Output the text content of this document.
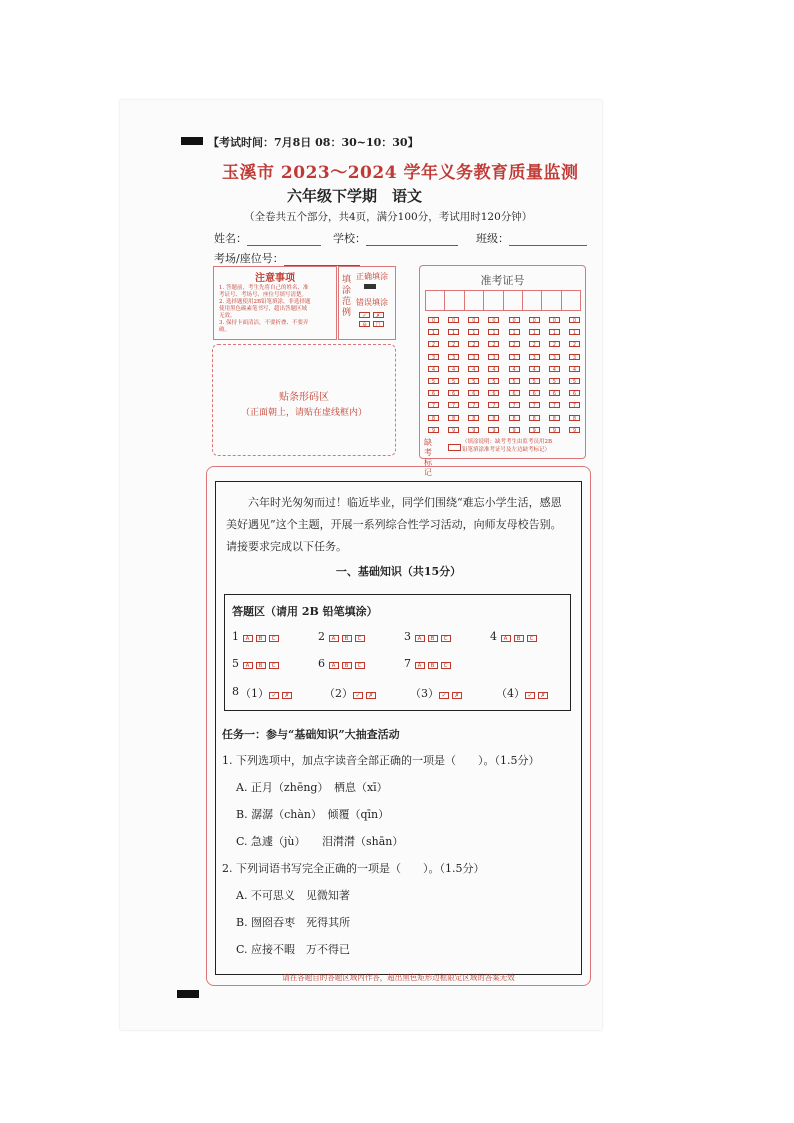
【考试时间：7月8日 08：30~10：30】
玉溪市 2023～2024 学年义务教育质量监测
六年级下学期　语文
（全卷共五个部分，共4页，满分100分，考试用时120分钟）
姓名：	学校：	班级：
考场/座位号：
注意事项
1. 答题前，考生先将自己的姓名、准
考证号、考场号、座位号填写清楚。
2. 选择题使用2B铅笔填涂，非选择题
使用黑色碳素笔书写，超出答题区域
无效。
3. 保持卡面清洁，不要折叠、不要弄
破。
填涂范例
正确填涂
错误填涂
✓ ✗
⊖ □
准考证号
0	0	0	0	0	0	0	0
1	1	1	1	1	1	1	1
2	2	2	2	2	2	2	2
3	3	3	3	3	3	3	3
4	4	4	4	4	4	4	4
5	5	5	5	5	5	5	5
6	6	6	6	6	6	6	6
7	7	7	7	7	7	7	7
8	8	8	8	8	8	8	8
9	9	9	9	9	9	9	9
缺考标记
（填涂说明：缺考考生由监考员用2B
铅笔填涂准考证号及左边缺考标记）
贴条形码区
（正面朝上，请贴在虚线框内）
六年时光匆匆而过！临近毕业，同学们围绕“难忘小学生活，感恩美好遇见”这个主题，开展一系列综合性学习活动，向师友母校告别。请接要求完成以下任务。
一、基础知识（共15分）
答题区（请用 2B 铅笔填涂）
1 A B C	2 A B C	3 A B C	4 A B C
5 A B C	6 A B C	7 A B C
8 （1） ✓ ✗	（2） ✓ ✗	（3） ✓ ✗	（4） ✓ ✗
任务一：参与“基础知识”大抽查活动
1. 下列选项中，加点字读音全部正确的一项是（　　）。（1.5分）
A. 正月（zhēng）　栖息（xī）
B. 潺潺（chàn）　倾覆（qīn）
C. 急遽（jù）　　泪潸潸（shān）
2. 下列词语书写完全正确的一项是（　　）。（1.5分）
A. 不可思义　见微知著
B. 囫囵吞枣　死得其所
C. 应接不暇　万不得已
请在各题目的答题区域内作答，超出黑色矩形边框限定区域的答案无效
